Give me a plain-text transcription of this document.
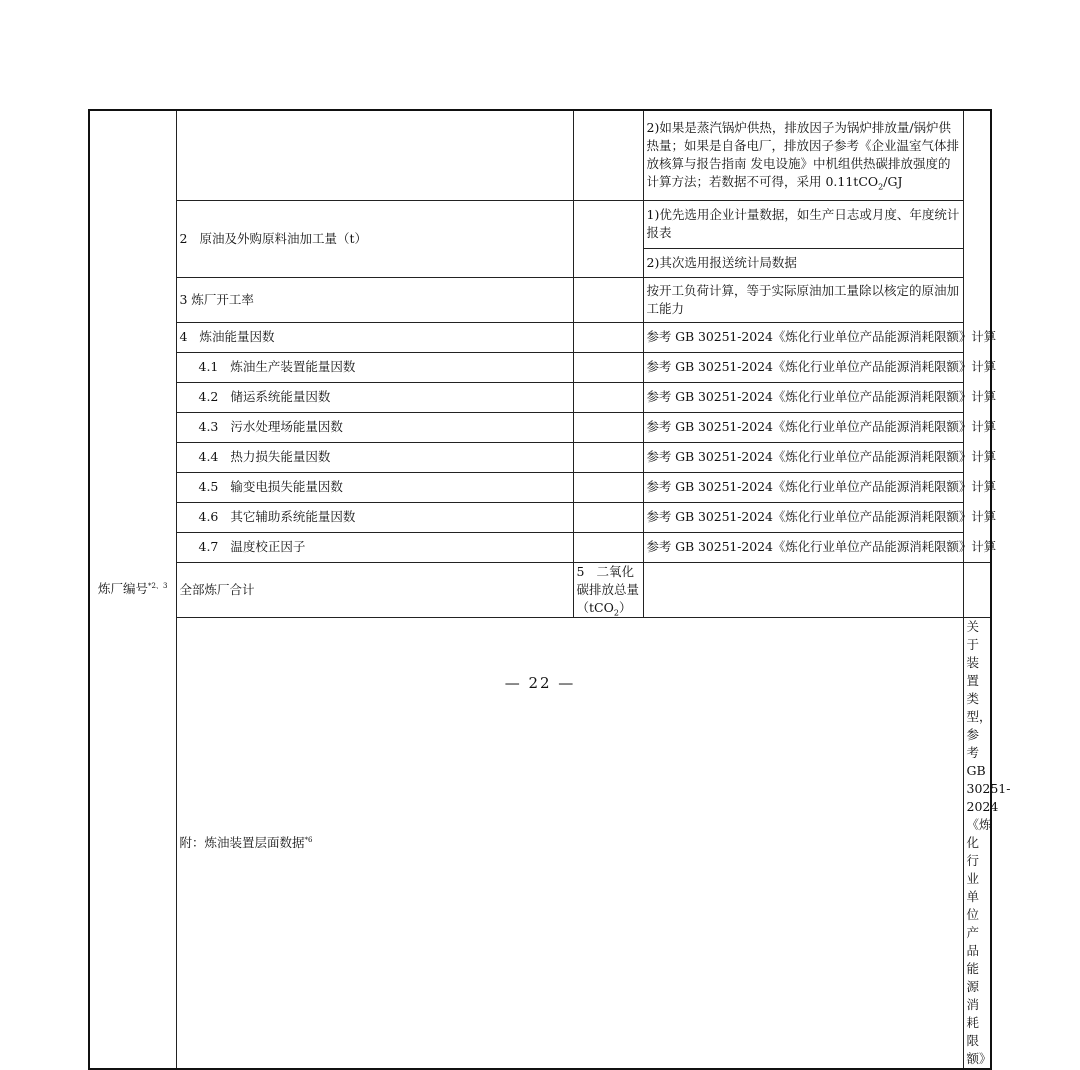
炼厂编号$^{*2、3}$			2)如果是蒸汽锅炉供热，排放因子为锅炉排放量/锅炉供热量；如果是自备电厂，排放因子参考《企业温室气体排放核算与报告指南 发电设施》中机组供热碳排放强度的计算方法；若数据不可得，采用 0.11tCO$_2$/GJ	
	2 原油及外购原料油加工量（t）		1)优先选用企业计量数据，如生产日志或月度、年度统计报表	
			2)其次选用报送统计局数据	
	3 炼厂开工率		按开工负荷计算，等于实际原油加工量除以核定的原油加工能力	
	4 炼油能量因数		参考 GB 30251-2024《炼化行业单位产品能源消耗限额》计算	
	4.1 炼油生产装置能量因数		参考 GB 30251-2024《炼化行业单位产品能源消耗限额》计算	
	4.2 储运系统能量因数		参考 GB 30251-2024《炼化行业单位产品能源消耗限额》计算	
	4.3 污水处理场能量因数		参考 GB 30251-2024《炼化行业单位产品能源消耗限额》计算	
	4.4 热力损失能量因数		参考 GB 30251-2024《炼化行业单位产品能源消耗限额》计算	
	4.5 输变电损失能量因数		参考 GB 30251-2024《炼化行业单位产品能源消耗限额》计算	
	4.6 其它辅助系统能量因数		参考 GB 30251-2024《炼化行业单位产品能源消耗限额》计算	
	4.7 温度校正因子		参考 GB 30251-2024《炼化行业单位产品能源消耗限额》计算	
	全部炼厂合计	5 二氧化碳排放总量（tCO$_2$）		
	附：炼油装置层面数据$^{*6}$			关于装置类型，参考 GB 30251-2024《炼化行业单位产品能源消耗限额》
— 22 —
